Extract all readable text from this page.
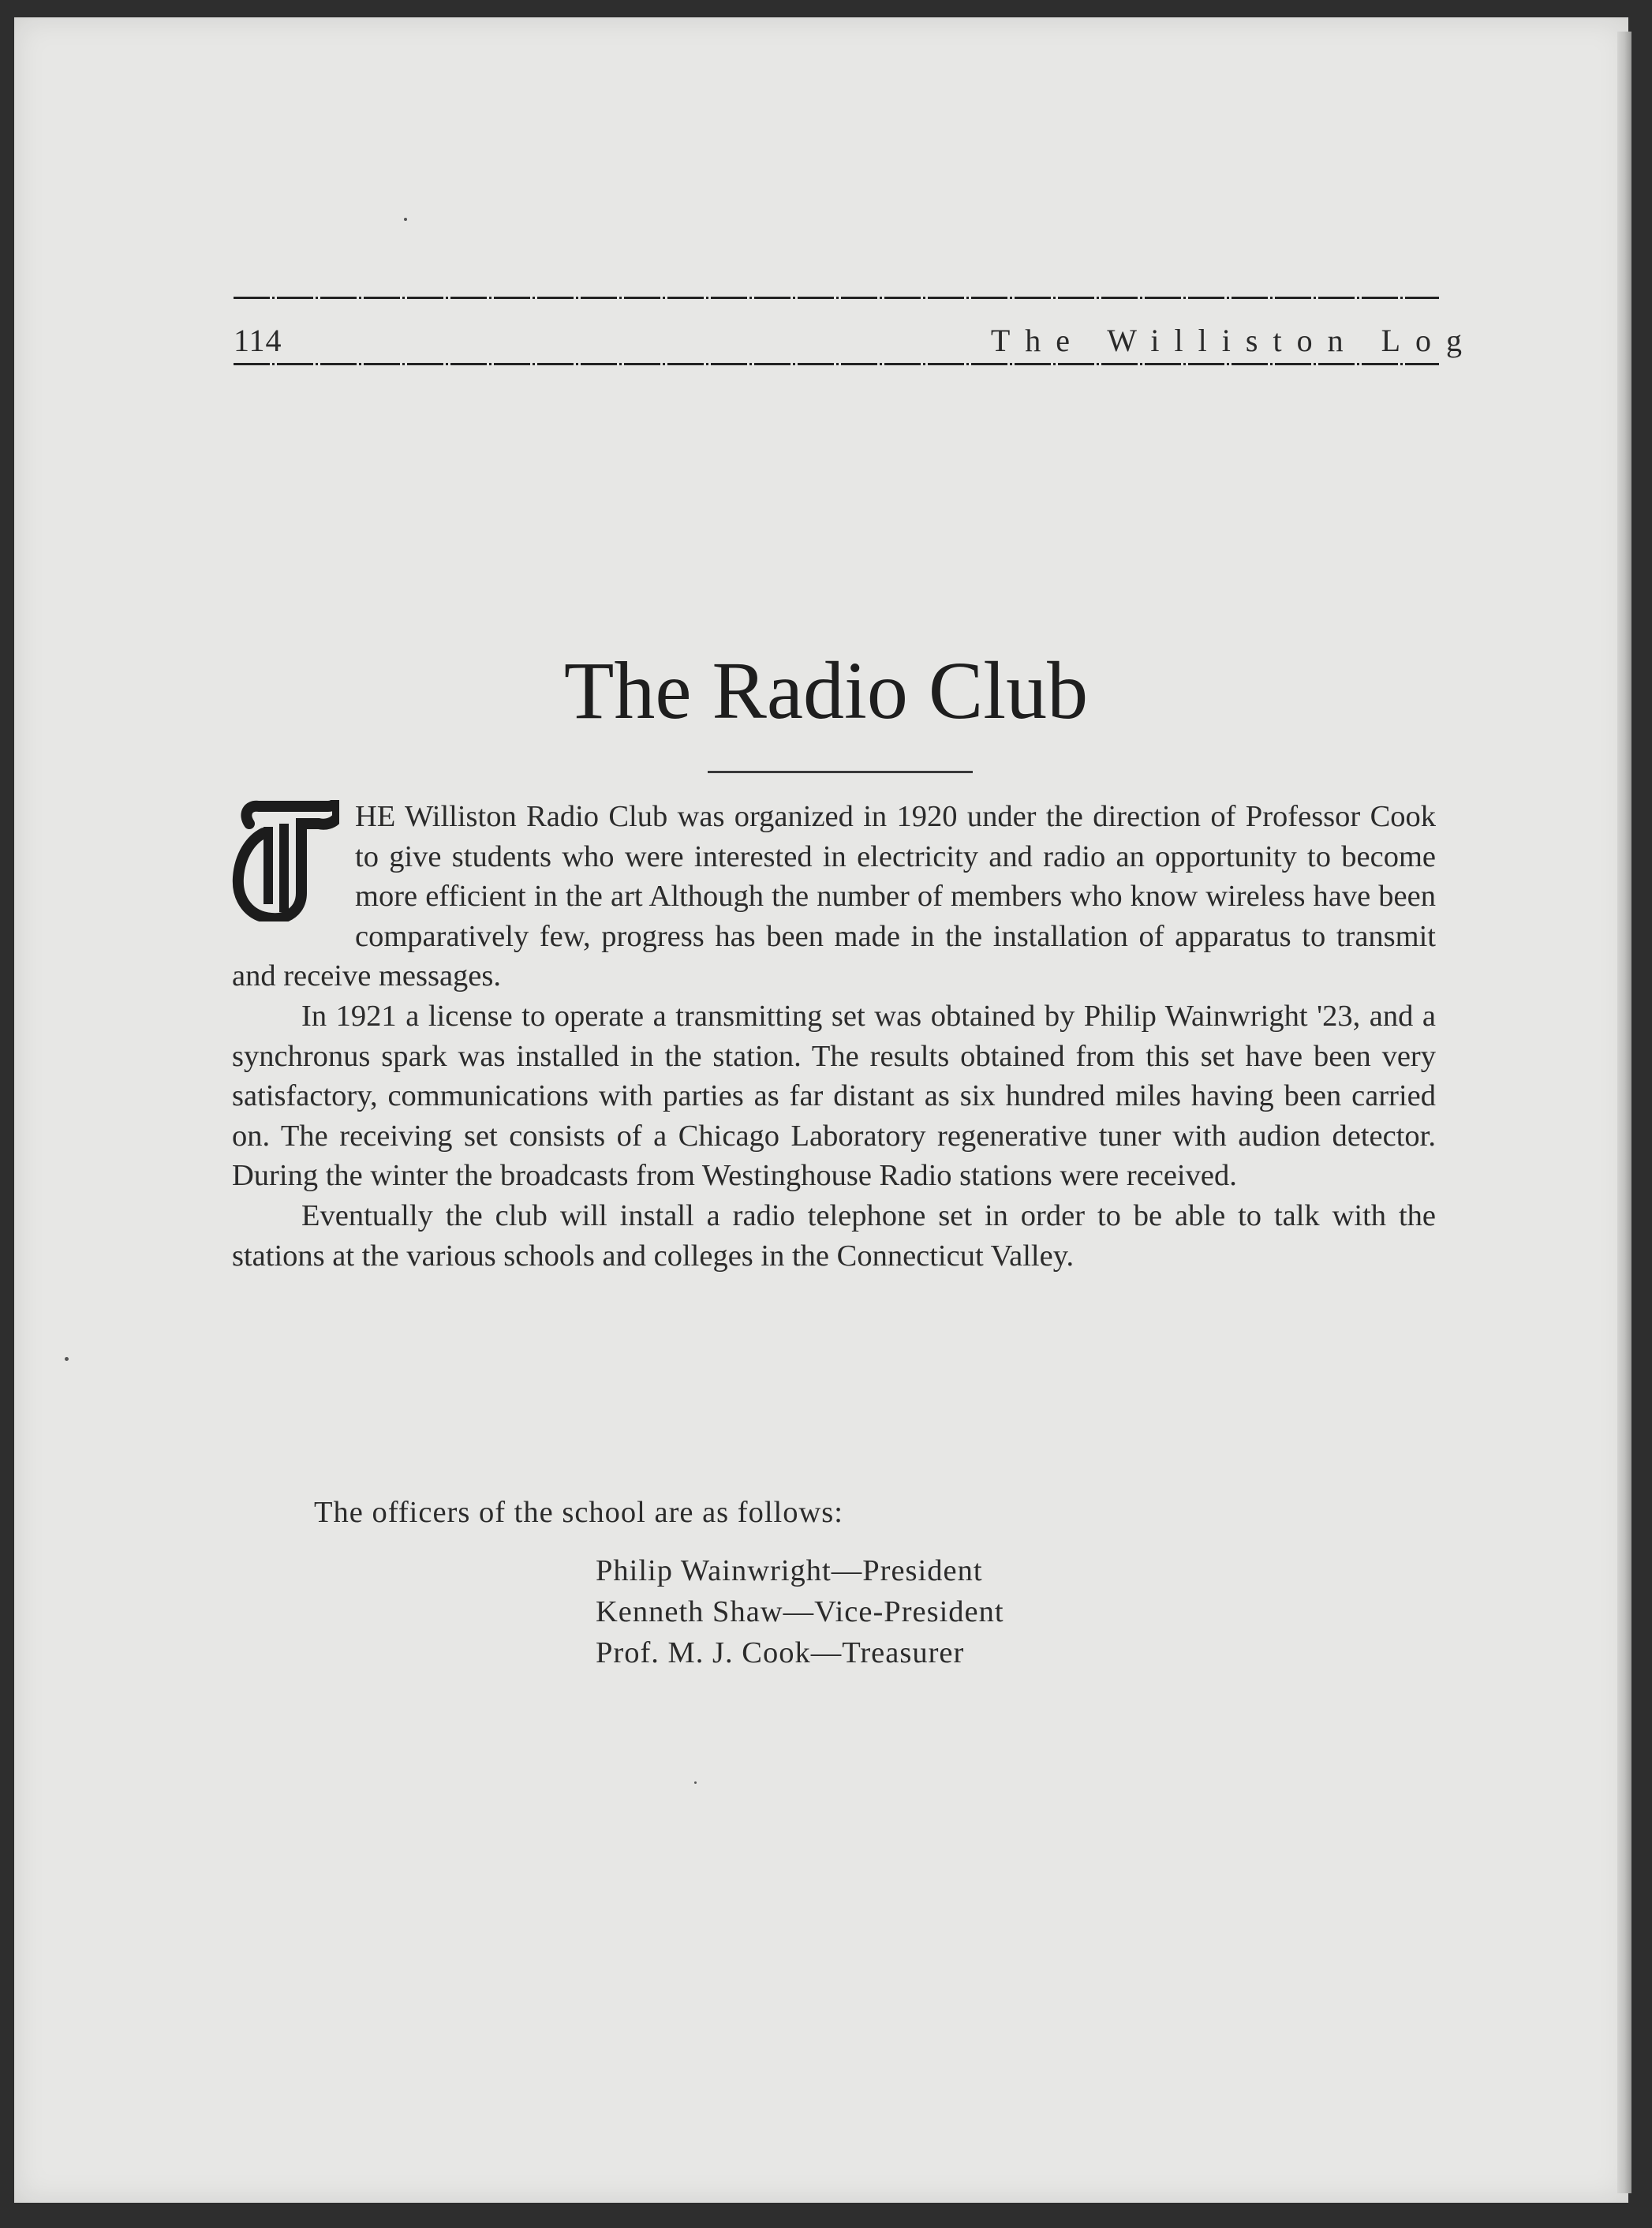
114	The Williston Log
The Radio Club

HE Williston Radio Club was organized in 1920 under the direction of Professor Cook to give students who were interested in electricity and radio an opportunity to become more efficient in the art Although the number of members who know wireless have been comparatively few, progress has been made in the installation of apparatus to transmit and receive messages.

In 1921 a license to operate a transmitting set was obtained by Philip Wainwright '23, and a synchronus spark was installed in the station. The results obtained from this set have been very satisfactory, communications with parties as far distant as six hundred miles having been carried on. The receiving set consists of a Chicago Laboratory regenerative tuner with audion detector. During the winter the broadcasts from Westinghouse Radio stations were received.

Eventually the club will install a radio telephone set in order to be able to talk with the stations at the various schools and colleges in the Connecticut Valley.

The officers of the school are as follows:
Philip Wainwright—President
Kenneth Shaw—Vice-President
Prof. M. J. Cook—Treasurer
